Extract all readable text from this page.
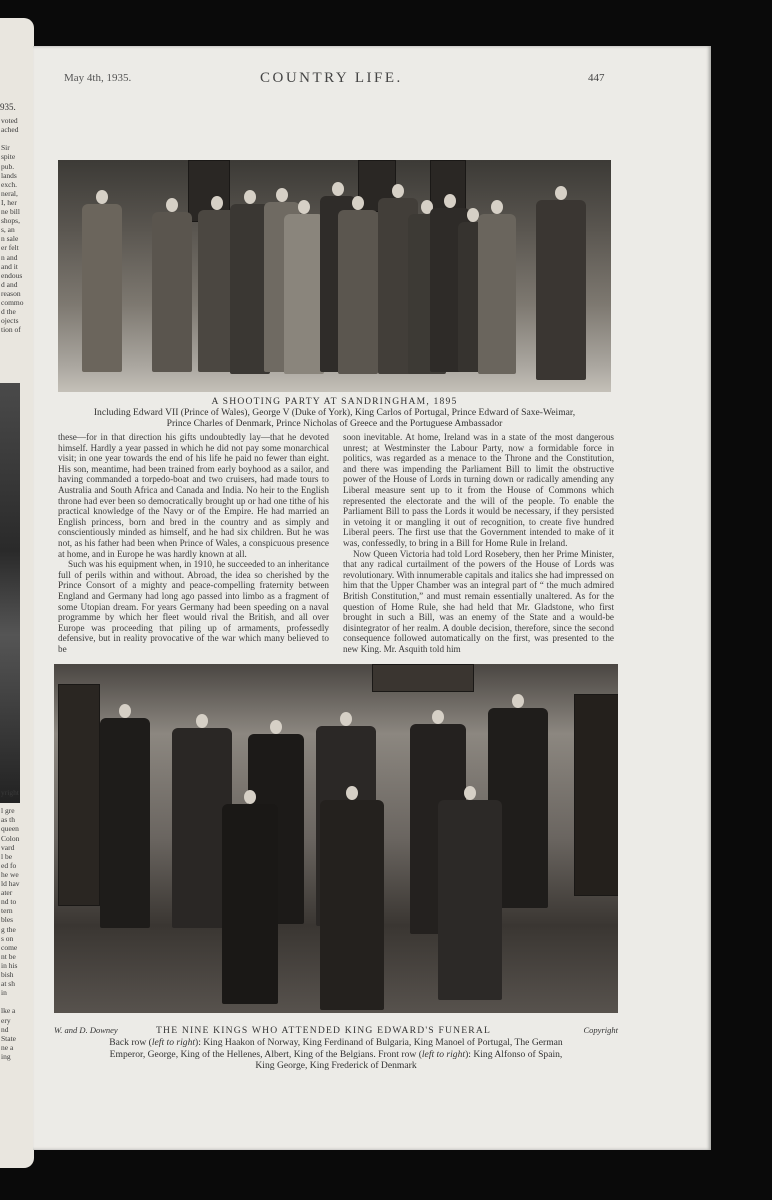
935.
voted
ached
Sir
spite
pub.
lands
exch.
neral,
I, her
ne bill
shops,
s, an
n sale
er felt
n and
and it
endous
d and
reason
commo
d the
ojects
tion of
yright
l gre
as th
queen
Colon
vard
l be
ed fo
he we
ld hav
ater
nd to
tern
bles
g the
s on
come
nt be
in his
bish
at sh
in
lke a
ery
nd
State
ne a
ing
May 4th, 1935.	COUNTRY LIFE.	447
A SHOOTING PARTY AT SANDRINGHAM, 1895
Including Edward VII (Prince of Wales), George V (Duke of York), King Carlos of Portugal, Prince Edward of Saxe-Weimar,
Prince Charles of Denmark, Prince Nicholas of Greece and the Portuguese Ambassador

these—for in that direction his gifts undoubtedly lay—that he devoted himself. Hardly a year passed in which he did not pay some monarchical visit; in one year towards the end of his life he paid no fewer than eight. His son, meantime, had been trained from early boyhood as a sailor, and having commanded a torpedo-boat and two cruisers, had made tours to Australia and South Africa and Canada and India. No heir to the English throne had ever been so democratically brought up or had one tithe of his practical knowledge of the Navy or of the Empire. He had married an English princess, born and bred in the country and as simply and conscientiously minded as himself, and he had six children. But he was not, as his father had been when Prince of Wales, a conspicuous presence at home, and in Europe he was hardly known at all.

Such was his equipment when, in 1910, he succeeded to an inheritance full of perils within and without. Abroad, the idea so cherished by the Prince Consort of a mighty and peace-compelling fraternity between England and Germany had long ago passed into limbo as a fragment of some Utopian dream. For years Germany had been speeding on a naval programme by which her fleet would rival the British, and all over Europe was proceeding that piling up of armaments, professedly defensive, but in reality provocative of the war which many believed to be

soon inevitable. At home, Ireland was in a state of the most dangerous unrest; at Westminster the Labour Party, now a formidable force in politics, was regarded as a menace to the Throne and the Constitution, and there was impending the Parliament Bill to limit the obstructive power of the House of Lords in turning down or radically amending any Liberal measure sent up to it from the House of Commons which represented the electorate and the will of the people. To enable the Parliament Bill to pass the Lords it would be necessary, if they persisted in vetoing it or mangling it out of recognition, to create five hundred Liberal peers. The first use that the Government intended to make of it was, confessedly, to bring in a Bill for Home Rule in Ireland.

Now Queen Victoria had told Lord Rosebery, then her Prime Minister, that any radical curtailment of the powers of the House of Lords was revolutionary. With innumerable capitals and italics she had impressed on him that the Upper Chamber was an integral part of “ the much admired British Constitution,” and must remain essentially unaltered. As for the question of Home Rule, she had held that Mr. Gladstone, who first brought in such a Bill, was an enemy of the State and a would-be disintegrator of her realm. A double decision, therefore, since the second consequence followed automatically on the first, was presented to the new King. Mr. Asquith told him

W. and D. Downey	THE NINE KINGS WHO ATTENDED KING EDWARD'S FUNERAL	Copyright
Back row (left to right): King Haakon of Norway, King Ferdinand of Bulgaria, King Manoel of Portugal, The German
Emperor, George, King of the Hellenes, Albert, King of the Belgians. Front row (left to right): King Alfonso of Spain,
King George, King Frederick of Denmark
